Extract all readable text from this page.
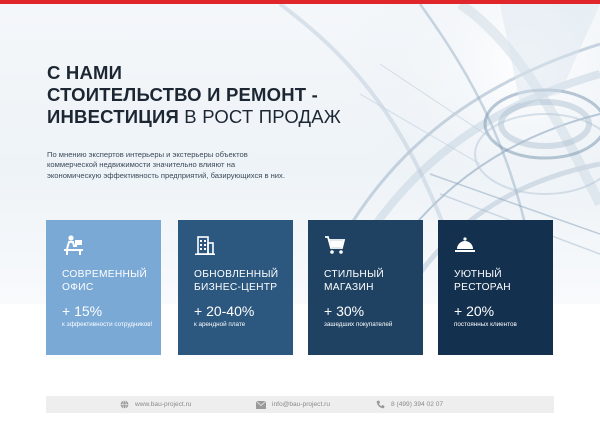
С НАМИ
СТОИТЕЛЬСТВО И РЕМОНТ -
ИНВЕСТИЦИЯ В РОСТ ПРОДАЖ

По мнению экспертов интерьеры и экстерьеры объектов коммерческой недвижимости значительно влияют на экономическую эффективность предприятий, базирующихся в них.

СОВРЕМЕННЫЙ
ОФИС
+ 15%
к эффективности сотрудников!
ОБНОВЛЕННЫЙ
БИЗНЕС-ЦЕНТР
+ 20-40%
к арендной плате
СТИЛЬНЫЙ
МАГАЗИН
+ 30%
зашедших покупателей
УЮТНЫЙ
РЕСТОРАН
+ 20%
постоянных клиентов
www.bau-project.ru	info@bau-project.ru	8 (499) 394 02 07
